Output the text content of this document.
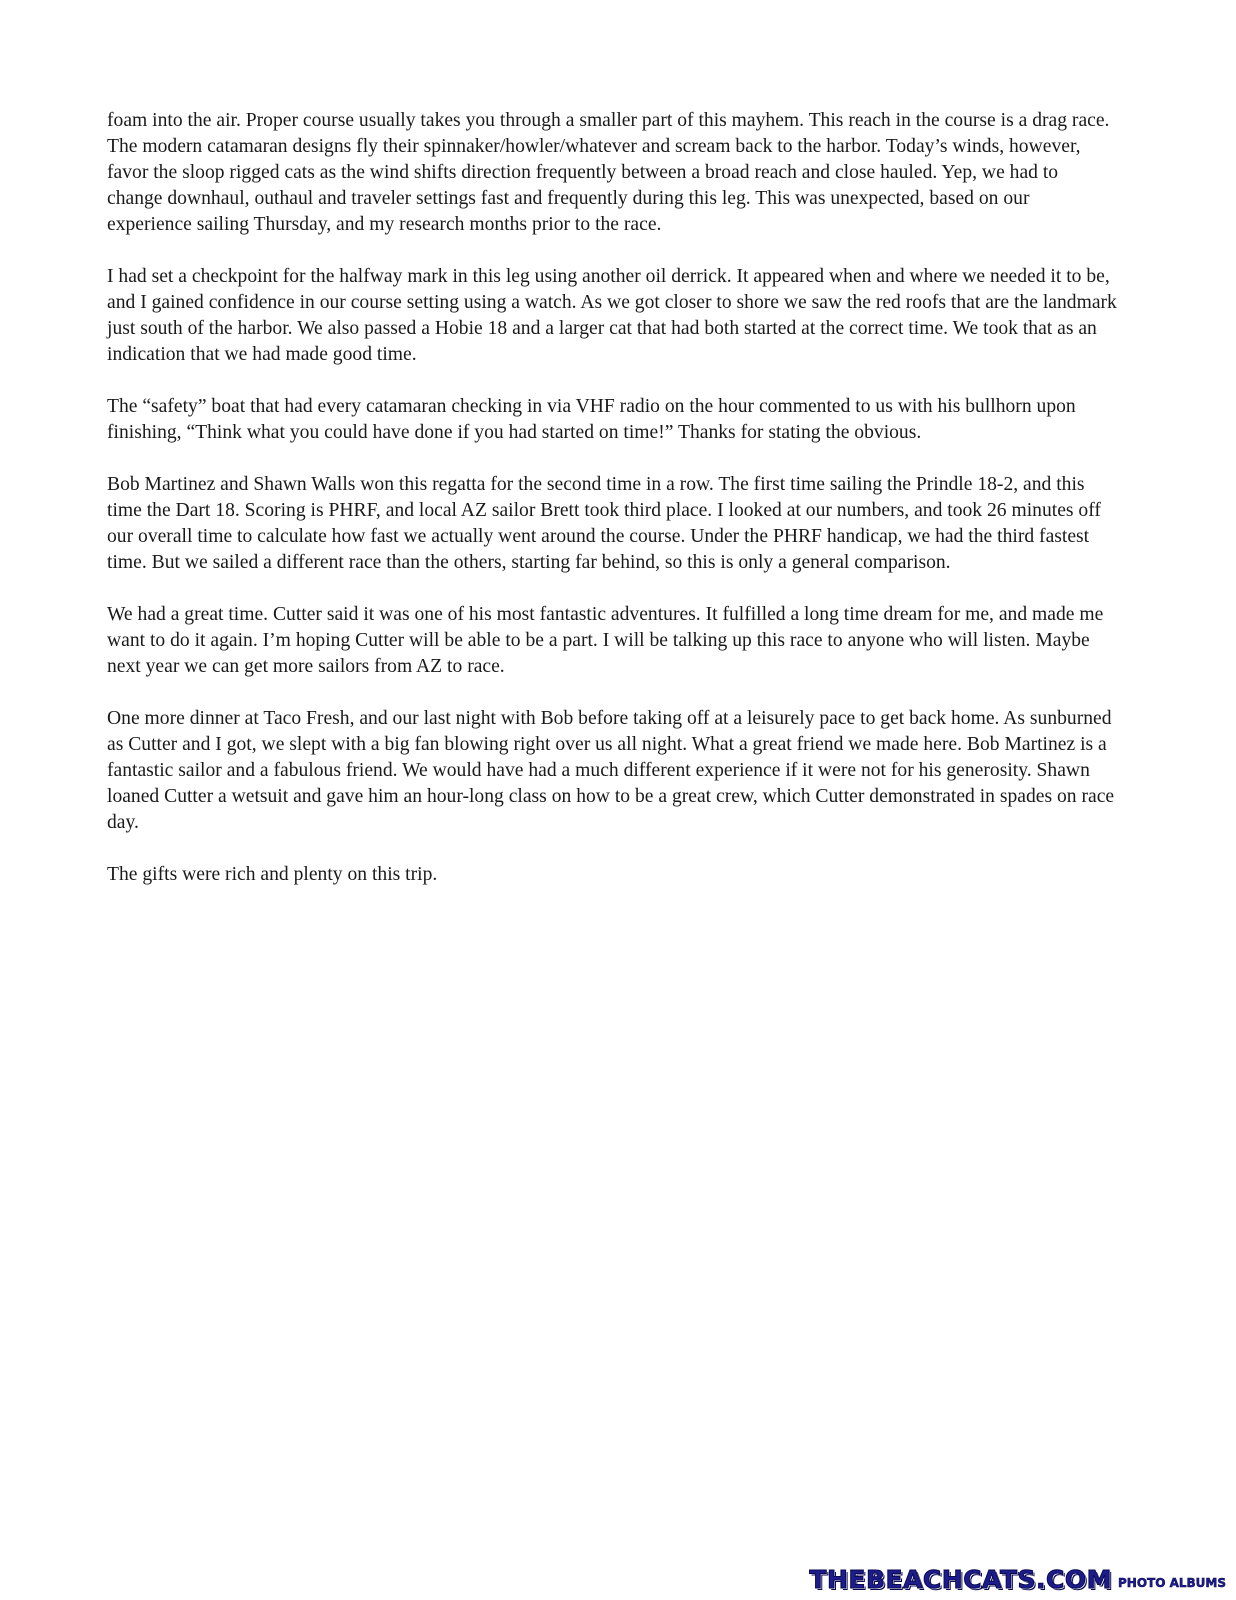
foam into the air. Proper course usually takes you through a smaller part of this mayhem. This reach in the course is a drag race. The modern catamaran designs fly their spinnaker/howler/whatever and scream back to the harbor. Today’s winds, however, favor the sloop rigged cats as the wind shifts direction frequently between a broad reach and close hauled. Yep, we had to change downhaul, outhaul and traveler settings fast and frequently during this leg. This was unexpected, based on our experience sailing Thursday, and my research months prior to the race.

I had set a checkpoint for the halfway mark in this leg using another oil derrick. It appeared when and where we needed it to be, and I gained confidence in our course setting using a watch. As we got closer to shore we saw the red roofs that are the landmark just south of the harbor. We also passed a Hobie 18 and a larger cat that had both started at the correct time. We took that as an indication that we had made good time.

The “safety” boat that had every catamaran checking in via VHF radio on the hour commented to us with his bullhorn upon finishing, “Think what you could have done if you had started on time!” Thanks for stating the obvious.

Bob Martinez and Shawn Walls won this regatta for the second time in a row. The first time sailing the Prindle 18-2, and this time the Dart 18. Scoring is PHRF, and local AZ sailor Brett took third place. I looked at our numbers, and took 26 minutes off our overall time to calculate how fast we actually went around the course. Under the PHRF handicap, we had the third fastest time. But we sailed a different race than the others, starting far behind, so this is only a general comparison.

We had a great time. Cutter said it was one of his most fantastic adventures. It fulfilled a long time dream for me, and made me want to do it again. I’m hoping Cutter will be able to be a part. I will be talking up this race to anyone who will listen. Maybe next year we can get more sailors from AZ to race.

One more dinner at Taco Fresh, and our last night with Bob before taking off at a leisurely pace to get back home. As sunburned as Cutter and I got, we slept with a big fan blowing right over us all night. What a great friend we made here. Bob Martinez is a fantastic sailor and a fabulous friend. We would have had a much different experience if it were not for his generosity. Shawn loaned Cutter a wetsuit and gave him an hour-long class on how to be a great crew, which Cutter demonstrated in spades on race day.

The gifts were rich and plenty on this trip.

THEBEACHCATS.COM PHOTO ALBUMS
